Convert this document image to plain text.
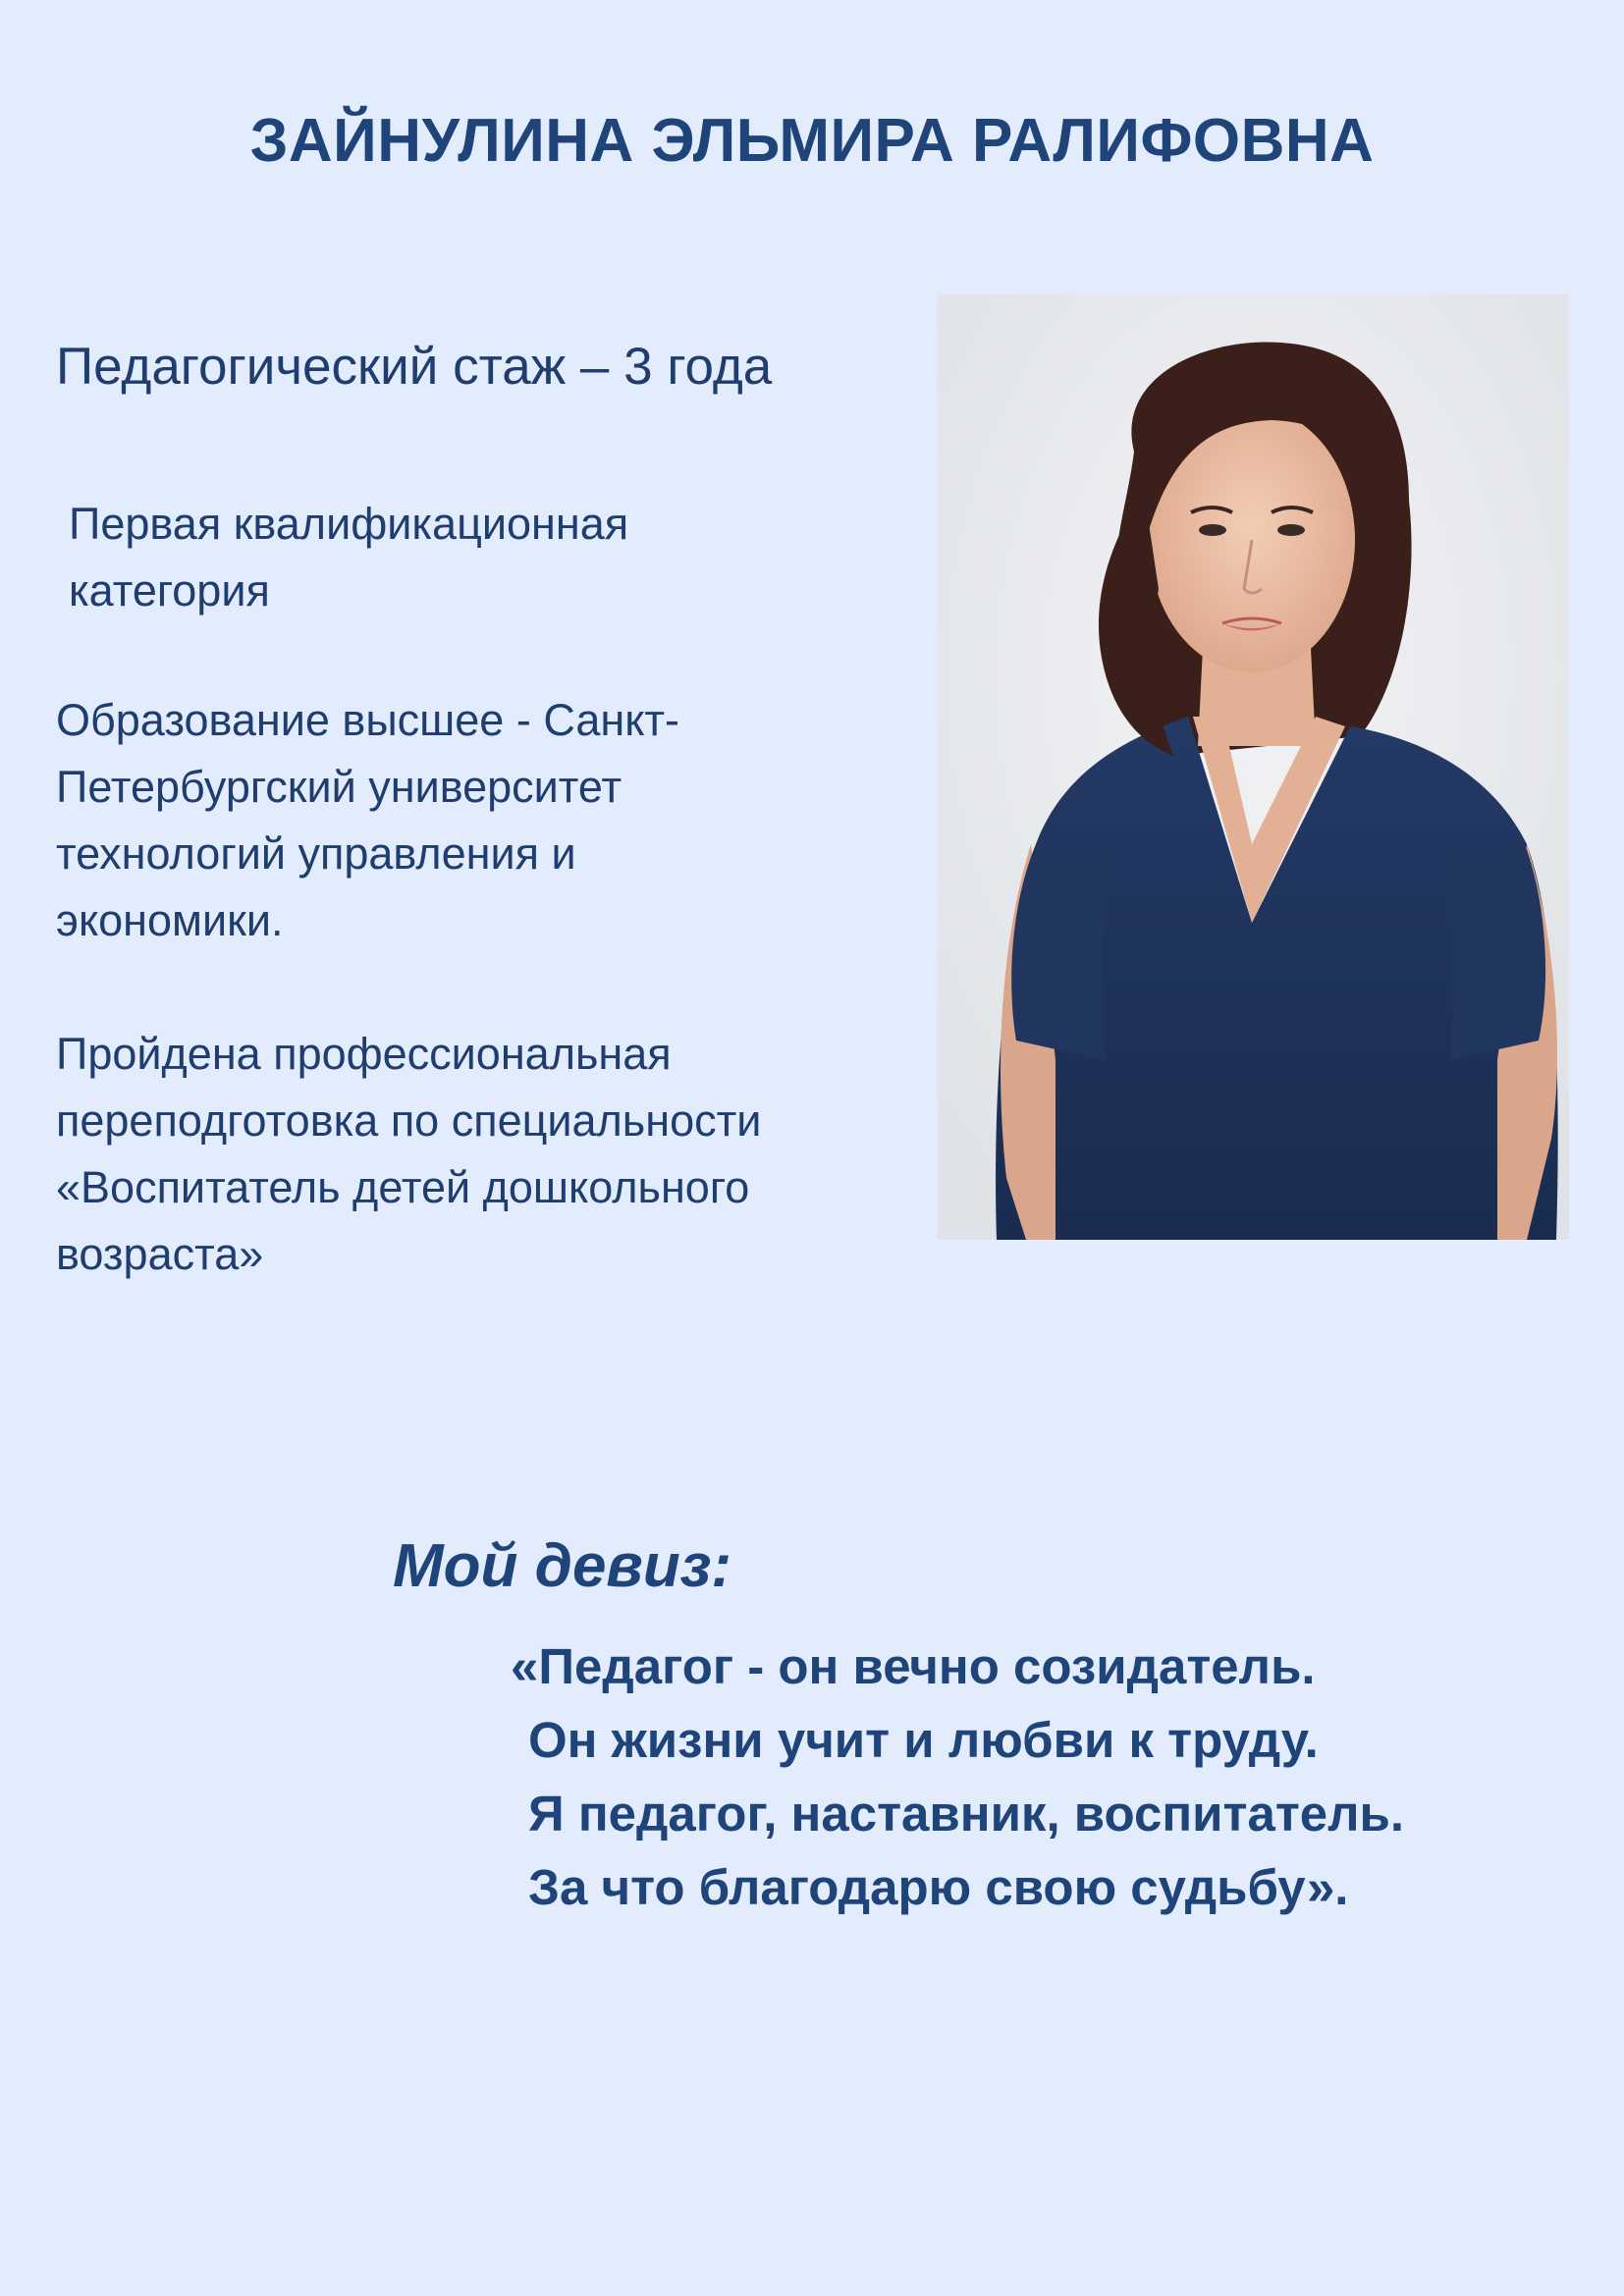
ЗАЙНУЛИНА ЭЛЬМИРА РАЛИФОВНА
Педагогический стаж – 3 года
Первая квалификационная
категория
Образование высшее - Санкт-
Петербургский университет
технологий управления и
экономики.
Пройдена профессиональная
переподготовка по специальности
«Воспитатель детей дошкольного
возраста»
Мой девиз:
«Педагог - он вечно созидатель.
Он жизни учит и любви к труду.
Я педагог, наставник, воспитатель.
За что благодарю свою судьбу».
